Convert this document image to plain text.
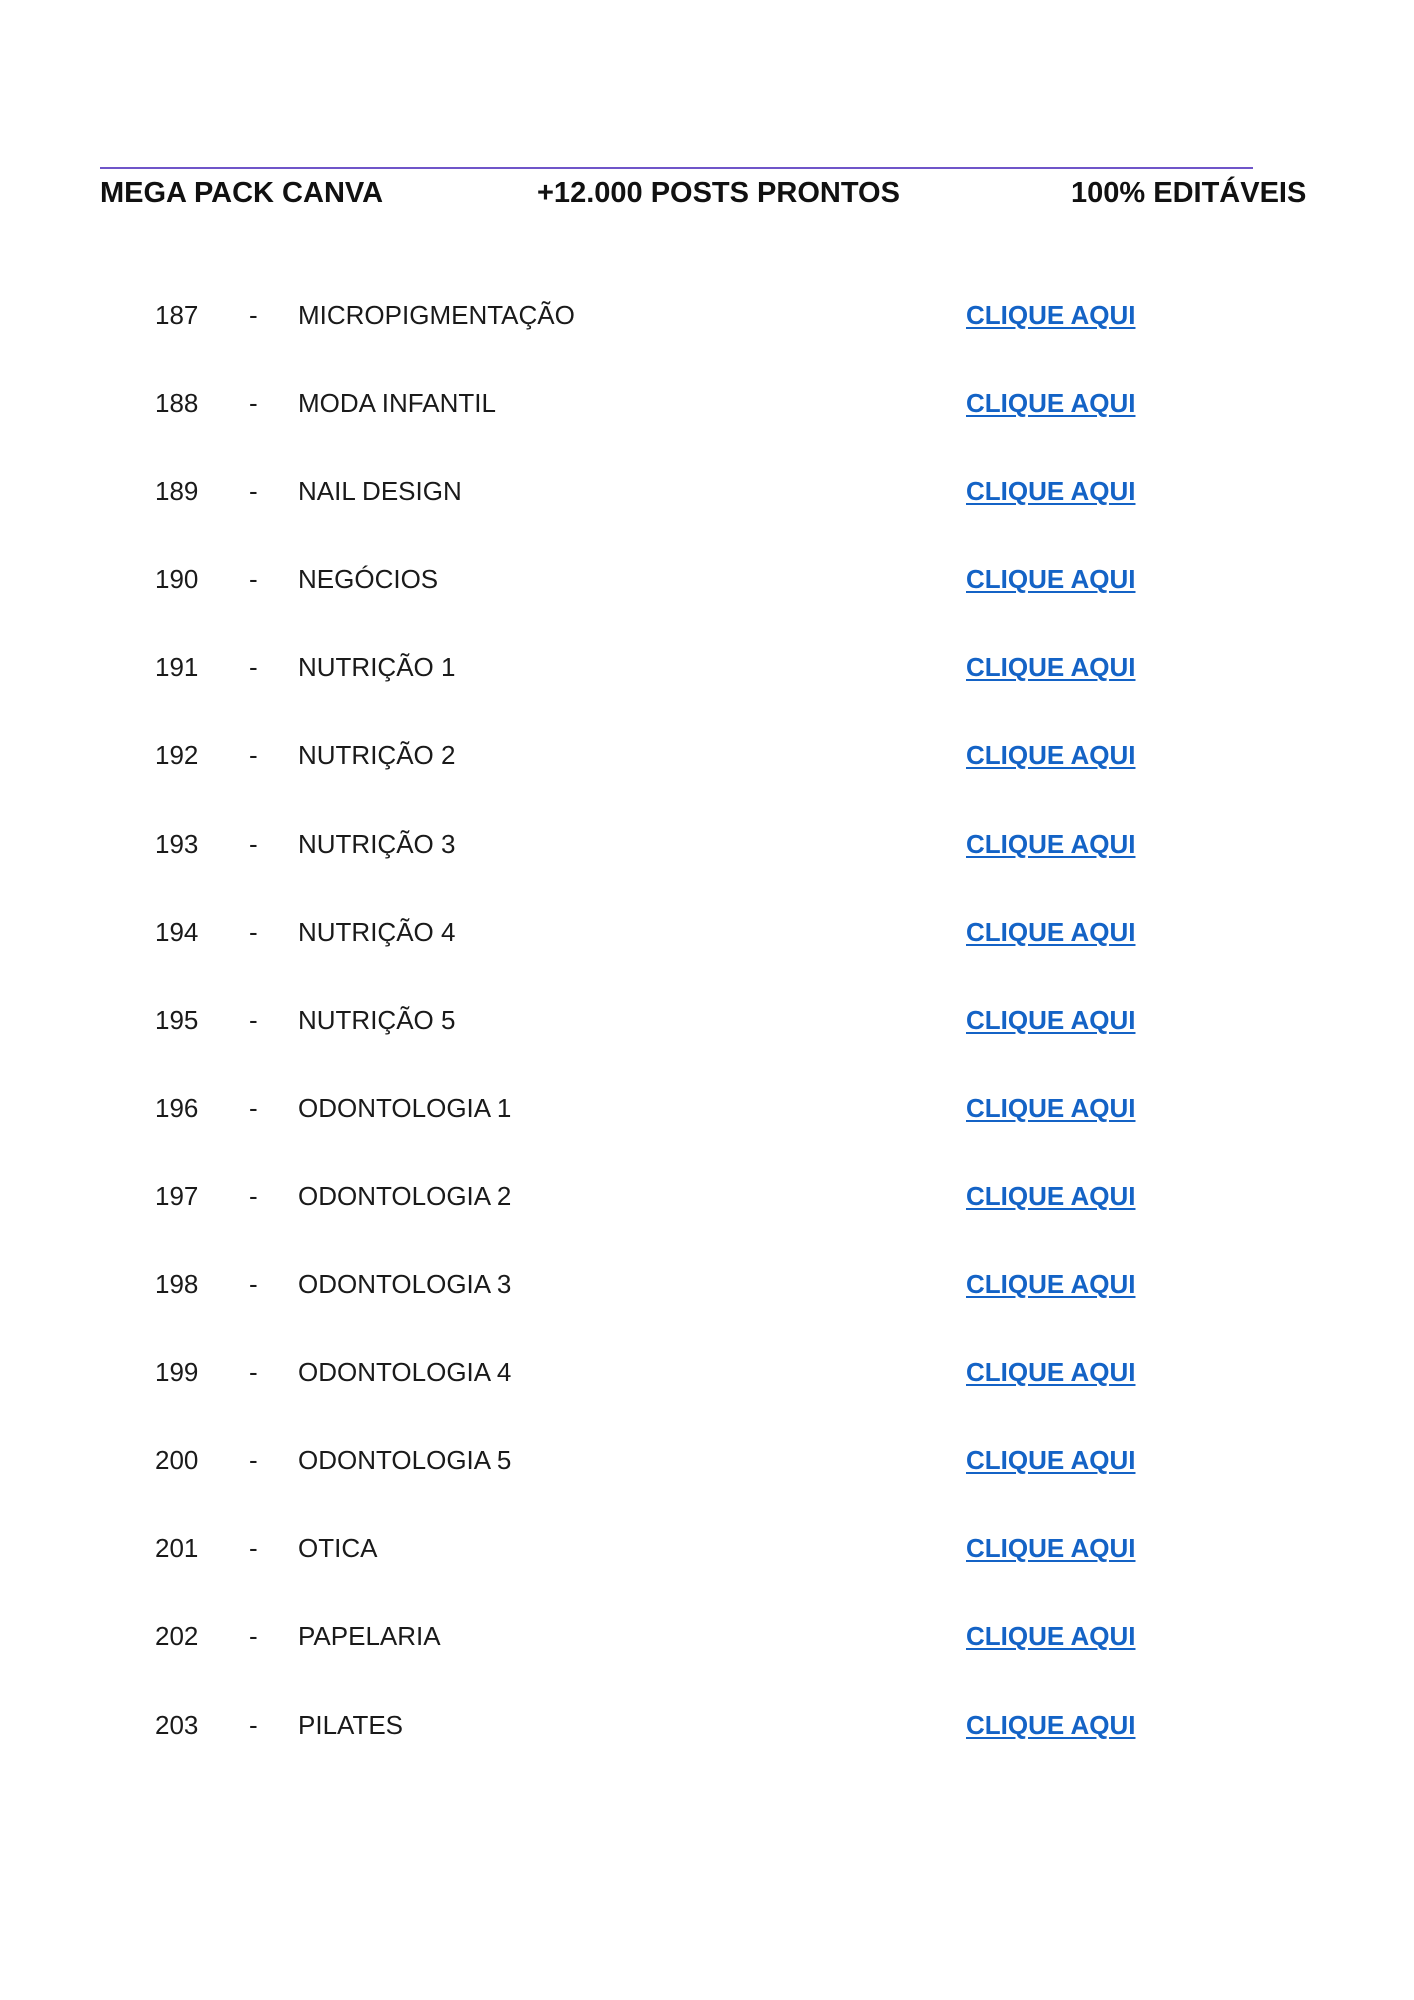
MEGA PACK CANVA	+12.000 POSTS PRONTOS	100% EDITÁVEIS
187 - MICROPIGMENTAÇÃO	CLIQUE AQUI
188 - MODA INFANTIL	CLIQUE AQUI
189 - NAIL DESIGN	CLIQUE AQUI
190 - NEGÓCIOS	CLIQUE AQUI
191 - NUTRIÇÃO 1	CLIQUE AQUI
192 - NUTRIÇÃO 2	CLIQUE AQUI
193 - NUTRIÇÃO 3	CLIQUE AQUI
194 - NUTRIÇÃO 4	CLIQUE AQUI
195 - NUTRIÇÃO 5	CLIQUE AQUI
196 - ODONTOLOGIA 1	CLIQUE AQUI
197 - ODONTOLOGIA 2	CLIQUE AQUI
198 - ODONTOLOGIA 3	CLIQUE AQUI
199 - ODONTOLOGIA 4	CLIQUE AQUI
200 - ODONTOLOGIA 5	CLIQUE AQUI
201 - OTICA	CLIQUE AQUI
202 - PAPELARIA	CLIQUE AQUI
203 - PILATES	CLIQUE AQUI
